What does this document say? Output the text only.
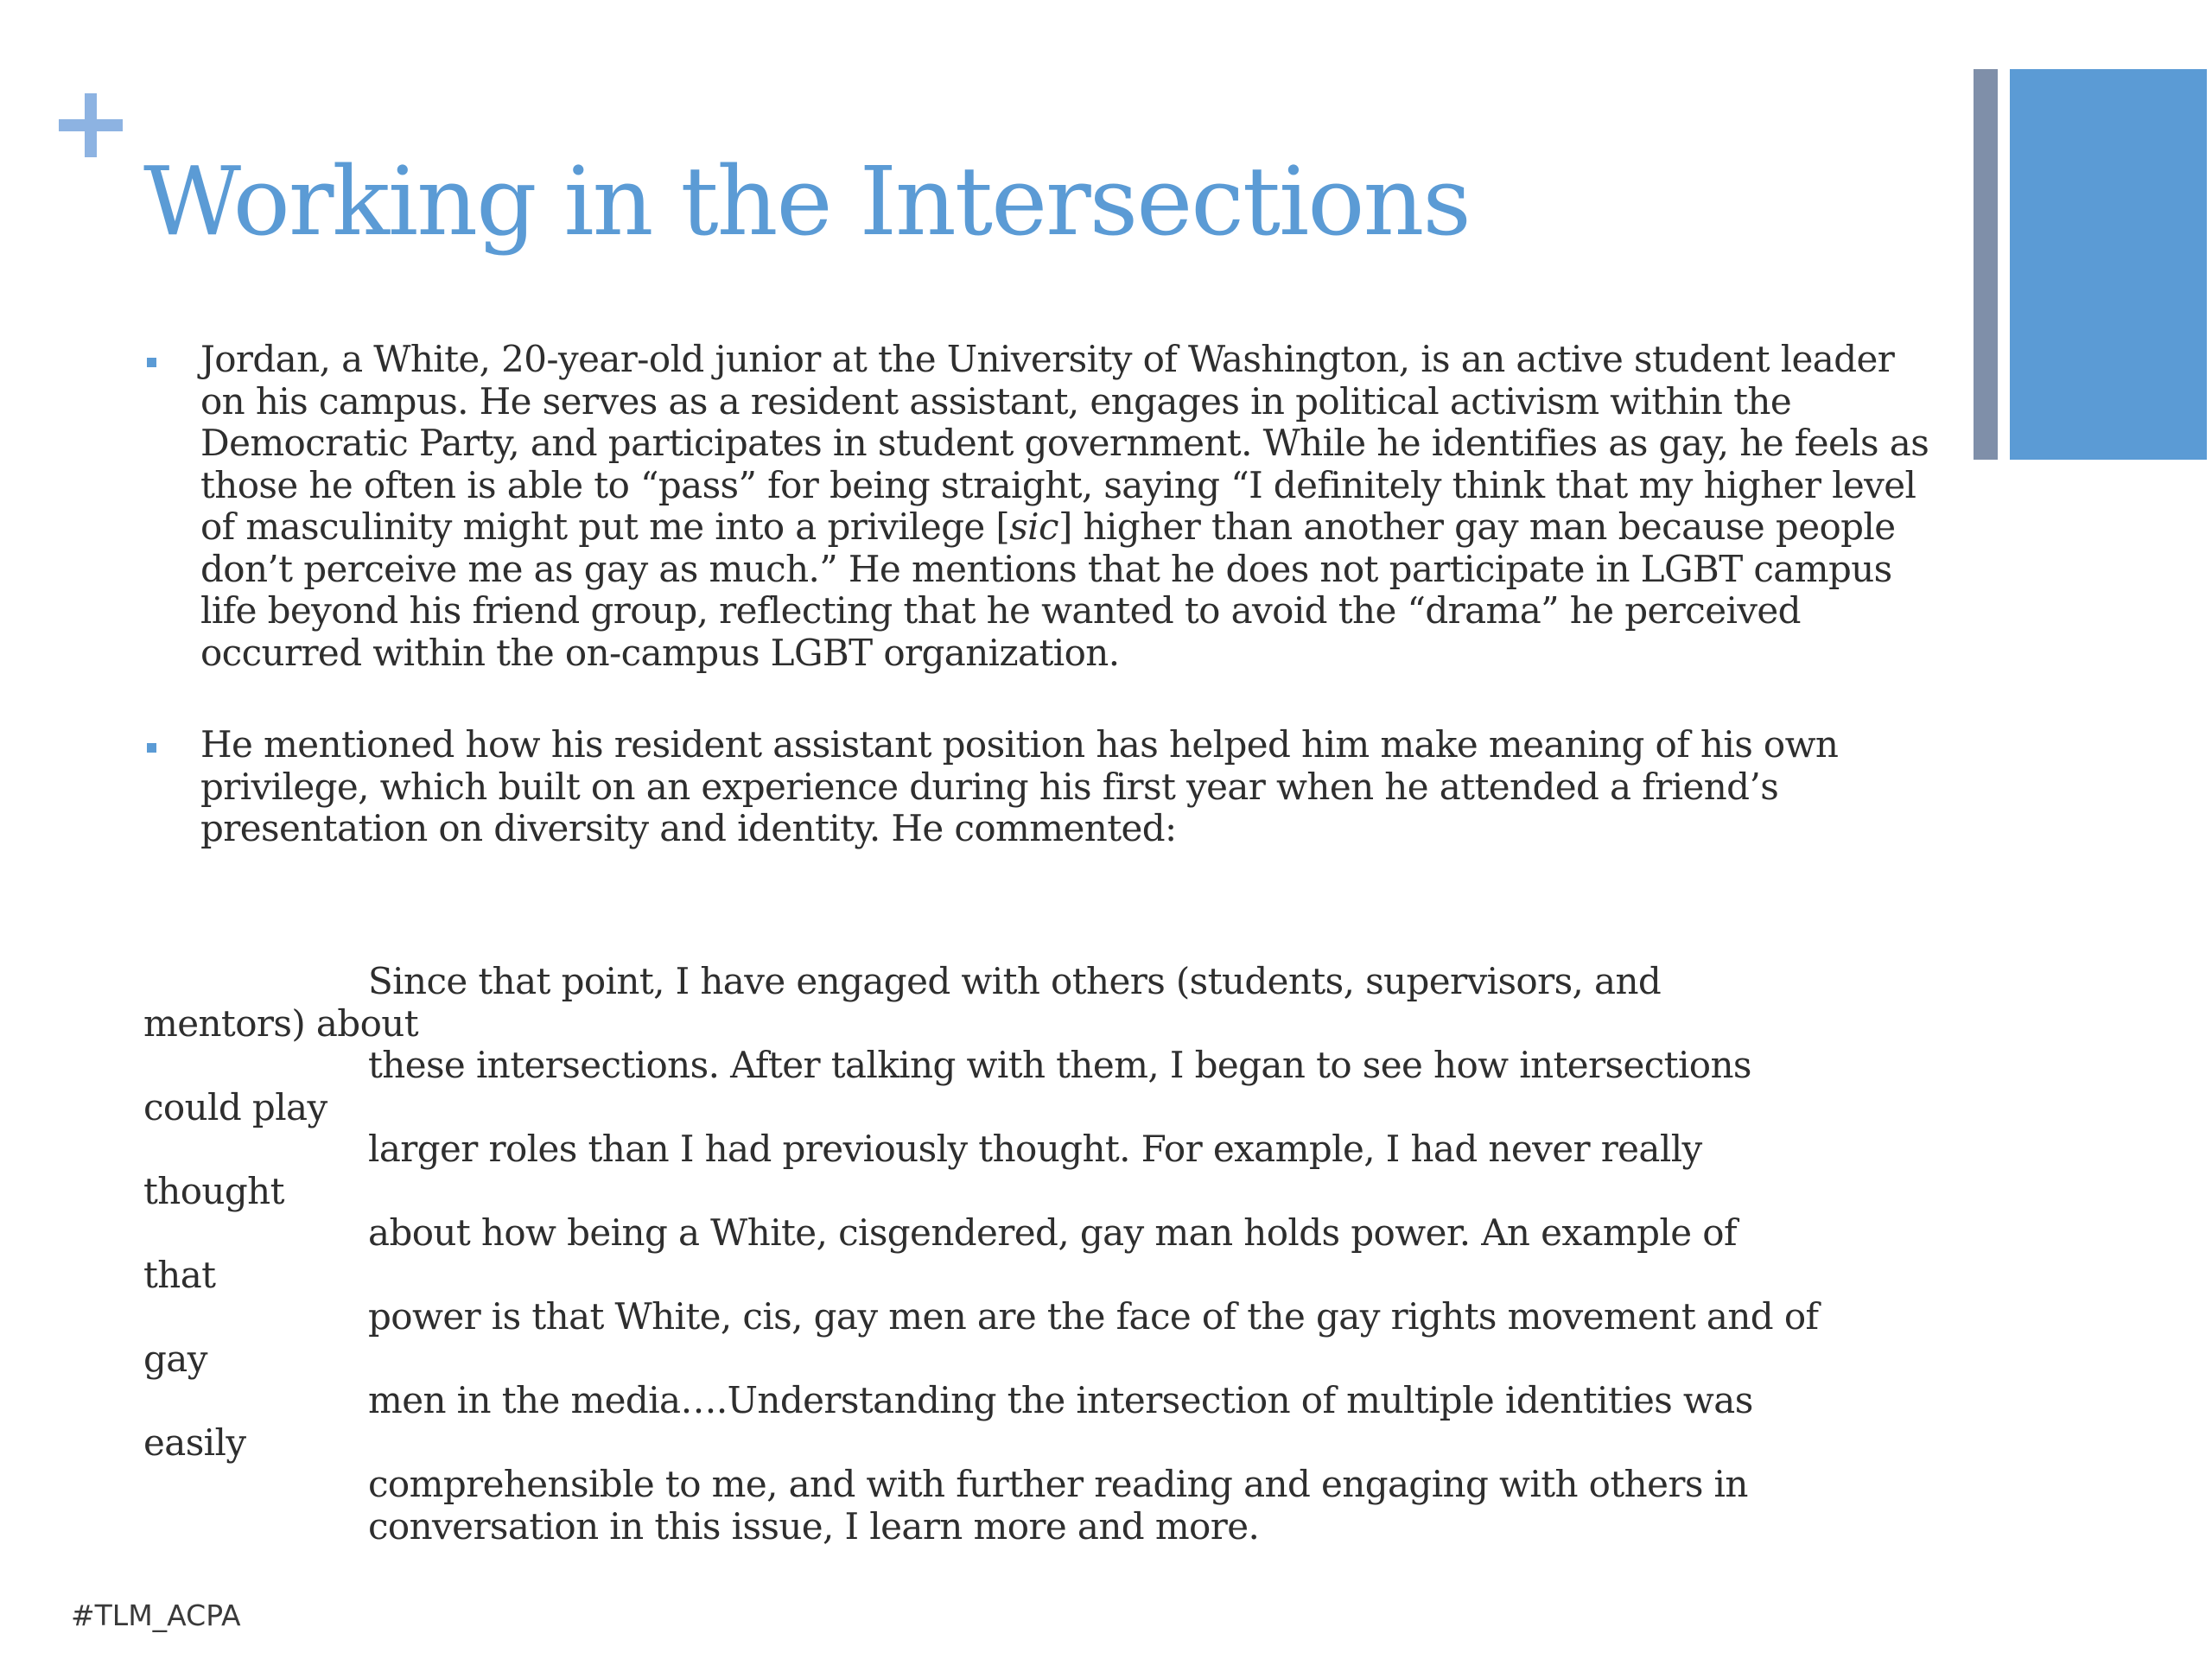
Working in the Intersections
Jordan, a White, 20-year-old junior at the University of Washington, is an active student leader on his campus. He serves as a resident assistant, engages in political activism within the Democratic Party, and participates in student government. While he identifies as gay, he feels as those he often is able to “pass” for being straight, saying “I definitely think that my higher level of masculinity might put me into a privilege [sic] higher than another gay man because people don’t perceive me as gay as much.” He mentions that he does not participate in LGBT campus life beyond his friend group, reflecting that he wanted to avoid the “drama” he perceived occurred within the on-campus LGBT organization.
He mentioned how his resident assistant position has helped him make meaning of his own privilege, which built on an experience during his first year when he attended a friend’s presentation on diversity and identity. He commented:
Since that point, I have engaged with others (students, supervisors, and
mentors) about
these intersections. After talking with them, I began to see how intersections
could play
larger roles than I had previously thought. For example, I had never really
thought
about how being a White, cisgendered, gay man holds power. An example of
that
power is that White, cis, gay men are the face of the gay rights movement and of
gay
men in the media….Understanding the intersection of multiple identities was
easily
comprehensible to me, and with further reading and engaging with others in
conversation in this issue, I learn more and more.
#TLM_ACPA
